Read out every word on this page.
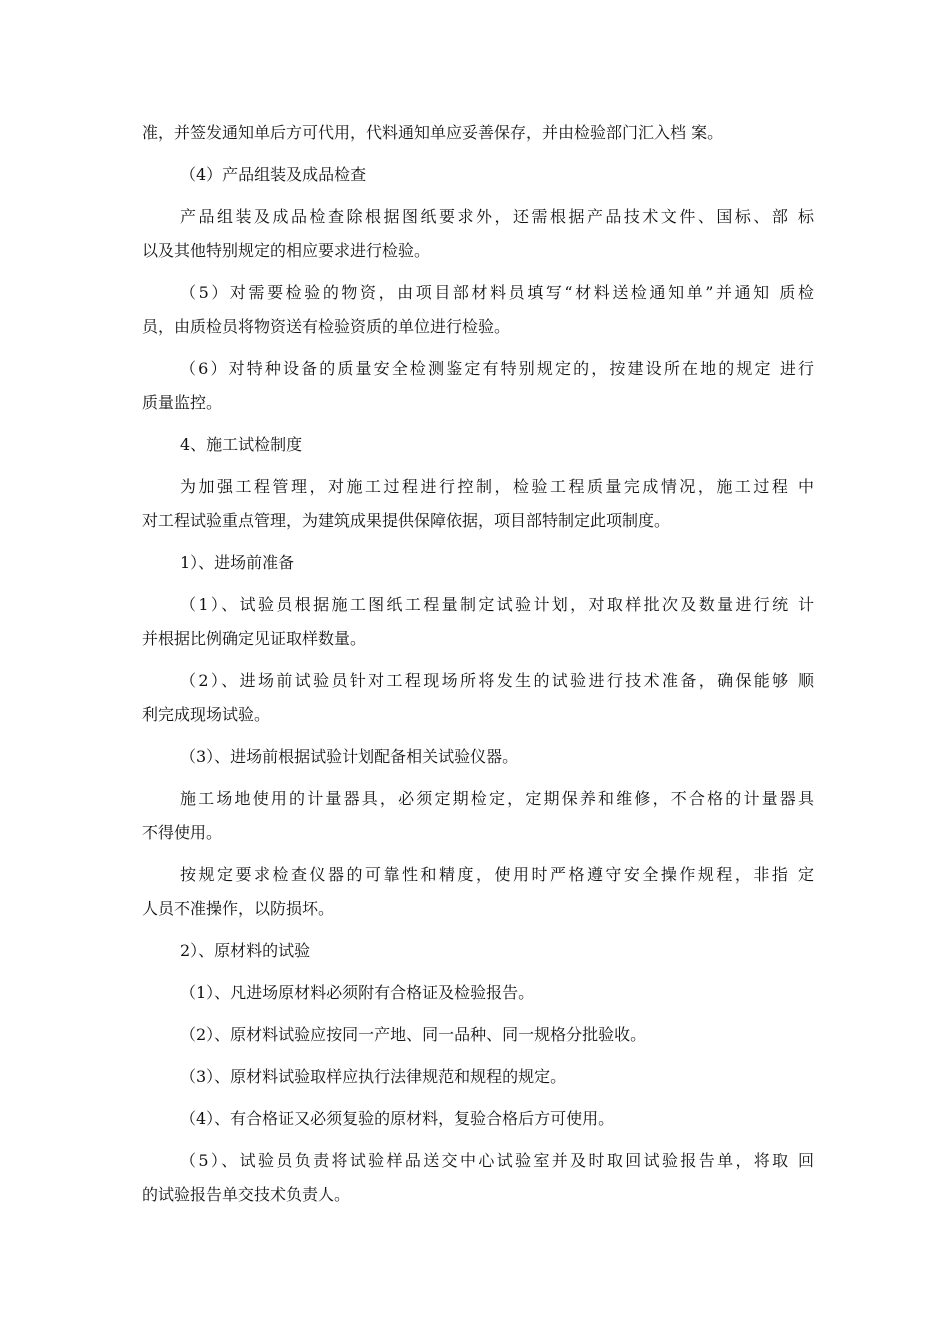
准，并签发通知单后方可代用，代料通知单应妥善保存，并由检验部门汇入档 案。
（4）产品组装及成品检查
产品组装及成品检查除根据图纸要求外，还需根据产品技术文件、国标、部 标
以及其他特别规定的相应要求进行检验。
（5）对需要检验的物资，由项目部材料员填写“材料送检通知单”并通知 质检
员，由质检员将物资送有检验资质的单位进行检验。
（6）对特种设备的质量安全检测鉴定有特别规定的，按建设所在地的规定 进行
质量监控。
4、施工试检制度
为加强工程管理，对施工过程进行控制，检验工程质量完成情况，施工过程 中
对工程试验重点管理，为建筑成果提供保障依据，项目部特制定此项制度。
1）、进场前准备
（1）、试验员根据施工图纸工程量制定试验计划，对取样批次及数量进行统 计
并根据比例确定见证取样数量。
（2）、进场前试验员针对工程现场所将发生的试验进行技术准备，确保能够 顺
利完成现场试验。
（3）、进场前根据试验计划配备相关试验仪器。
施工场地使用的计量器具，必须定期检定，定期保养和维修，不合格的计量器具
不得使用。
按规定要求检查仪器的可靠性和精度，使用时严格遵守安全操作规程，非指 定
人员不准操作，以防损坏。
2）、原材料的试验
（1）、凡进场原材料必须附有合格证及检验报告。
（2）、原材料试验应按同一产地、同一品种、同一规格分批验收。
（3）、原材料试验取样应执行法律规范和规程的规定。
（4）、有合格证又必须复验的原材料，复验合格后方可使用。
（5）、试验员负责将试验样品送交中心试验室并及时取回试验报告单，将取 回
的试验报告单交技术负责人。
